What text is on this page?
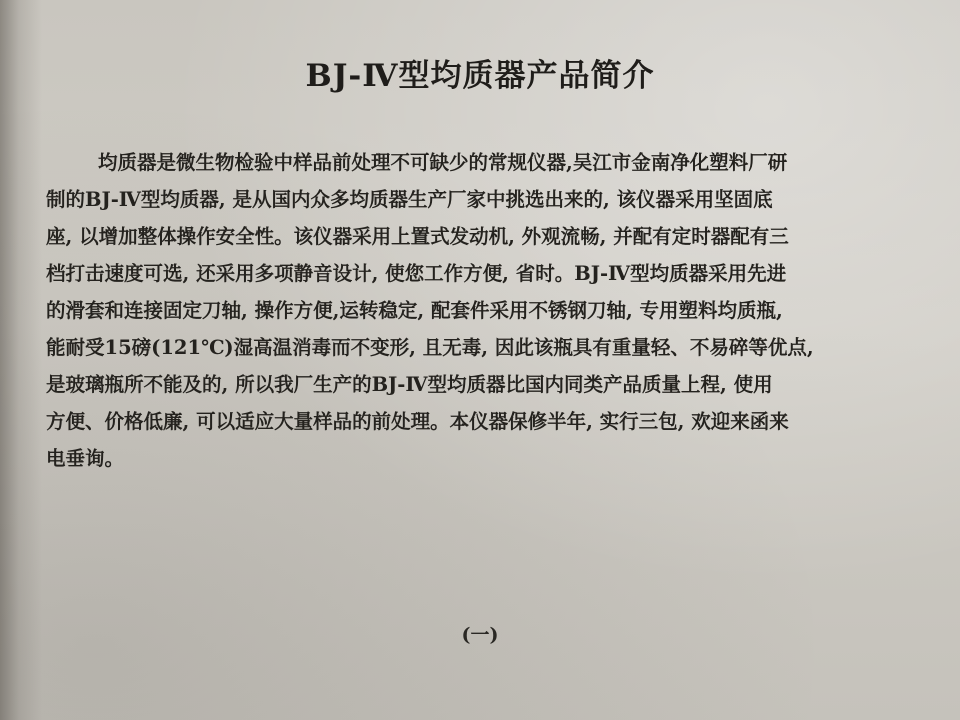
BJ-Ⅳ型均质器产品简介

均质器是微生物检验中样品前处理不可缺少的常规仪器,吴江市金南净化塑料厂研
制的BJ-Ⅳ型均质器, 是从国内众多均质器生产厂家中挑选出来的, 该仪器采用坚固底
座, 以增加整体操作安全性。该仪器采用上置式发动机, 外观流畅, 并配有定时器配有三
档打击速度可选, 还采用多项静音设计, 使您工作方便, 省时。BJ-Ⅳ型均质器采用先进
的滑套和连接固定刀轴, 操作方便,运转稳定, 配套件采用不锈钢刀轴, 专用塑料均质瓶,
能耐受15磅(121℃)湿高温消毒而不变形, 且无毒, 因此该瓶具有重量轻、不易碎等优点,
是玻璃瓶所不能及的, 所以我厂生产的BJ-Ⅳ型均质器比国内同类产品质量上程, 使用
方便、价格低廉, 可以适应大量样品的前处理。本仪器保修半年, 实行三包, 欢迎来函来
电垂询。

(一)
